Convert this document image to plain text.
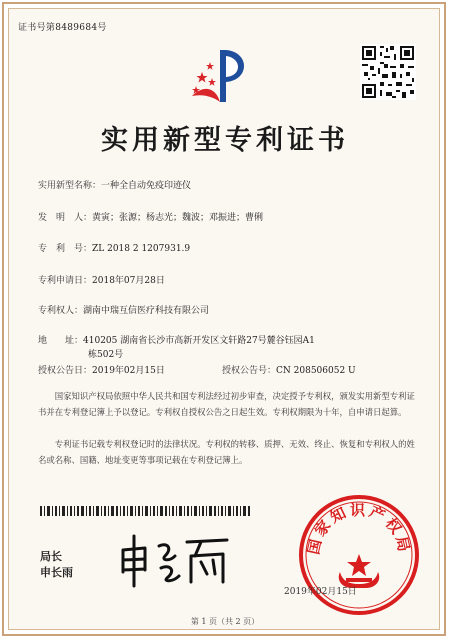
证书号第8489684号
实用新型专利证书
实用新型名称：一种全自动免疫印迹仪
发　明　人：黄寅；张源；杨志光；魏波；邓振进；曹俐
专　利　号：ZL 2018 2 1207931.9
专利申请日：2018年07月28日
专利权人：湖南中瑞互信医疗科技有限公司
地　　址：410205 湖南省长沙市高新开发区文轩路27号麓谷钰园A1
栋502号
授权公告日：2019年02月15日	授权公告号：CN 208506052 U
国家知识产权局依照中华人民共和国专利法经过初步审查，决定授予专利权，颁发实用新型专利证书并在专利登记簿上予以登记。专利权自授权公告之日起生效。专利权期限为十年，自申请日起算。
专利证书记载专利权登记时的法律状况。专利权的转移、质押、无效、终止、恢复和专利权人的姓名或名称、国籍、地址变更等事项记载在专利登记簿上。
局长
申长雨
国家知识产权局
2019年02月15日
第 1 页（共 2 页）
